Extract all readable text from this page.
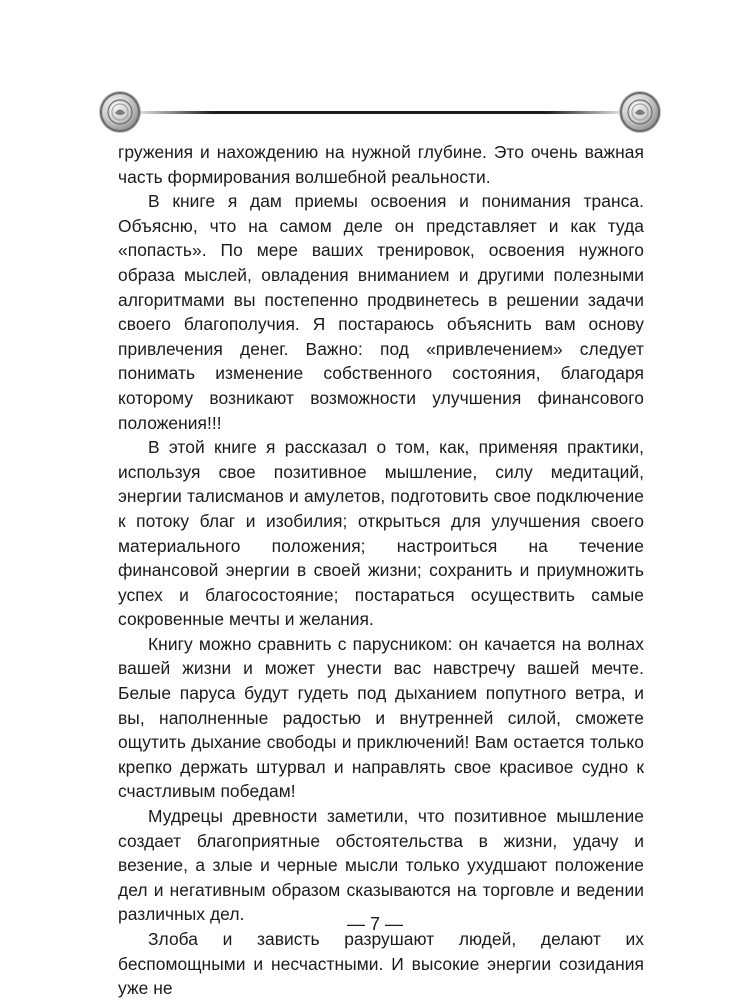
гружения и нахождению на нужной глубине. Это очень важная часть формирования волшебной реальности.

В книге я дам приемы освоения и понимания транса. Объясню, что на самом деле он представляет и как туда «попасть». По мере ваших тренировок, освоения нужного образа мыслей, овладения вниманием и другими полезными алгоритмами вы постепенно продвинетесь в решении задачи своего благополучия. Я постараюсь объяснить вам основу привлечения денег. Важно: под «привлечением» следует понимать изменение собственного состояния, благодаря которому возникают возможности улучшения финансового положения!!!

В этой книге я рассказал о том, как, применяя практики, используя свое позитивное мышление, силу медитаций, энергии талисманов и амулетов, подготовить свое подключение к потоку благ и изобилия; открыться для улучшения своего материального положения; настроиться на течение финансовой энергии в своей жизни; сохранить и приумножить успех и благосостояние; постараться осуществить самые сокровенные мечты и желания.

Книгу можно сравнить с парусником: он качается на волнах вашей жизни и может унести вас навстречу вашей мечте. Белые паруса будут гудеть под дыханием попутного ветра, и вы, наполненные радостью и внутренней силой, сможете ощутить дыхание свободы и приключений! Вам остается только крепко держать штурвал и направлять свое красивое судно к счастливым победам!

Мудрецы древности заметили, что позитивное мышление создает благоприятные обстоятельства в жизни, удачу и везение, а злые и черные мысли только ухудшают положение дел и негативным образом сказываются на торговле и ведении различных дел.

Злоба и зависть разрушают людей, делают их беспомощными и несчастными. И высокие энергии созидания уже не

— 7 —
